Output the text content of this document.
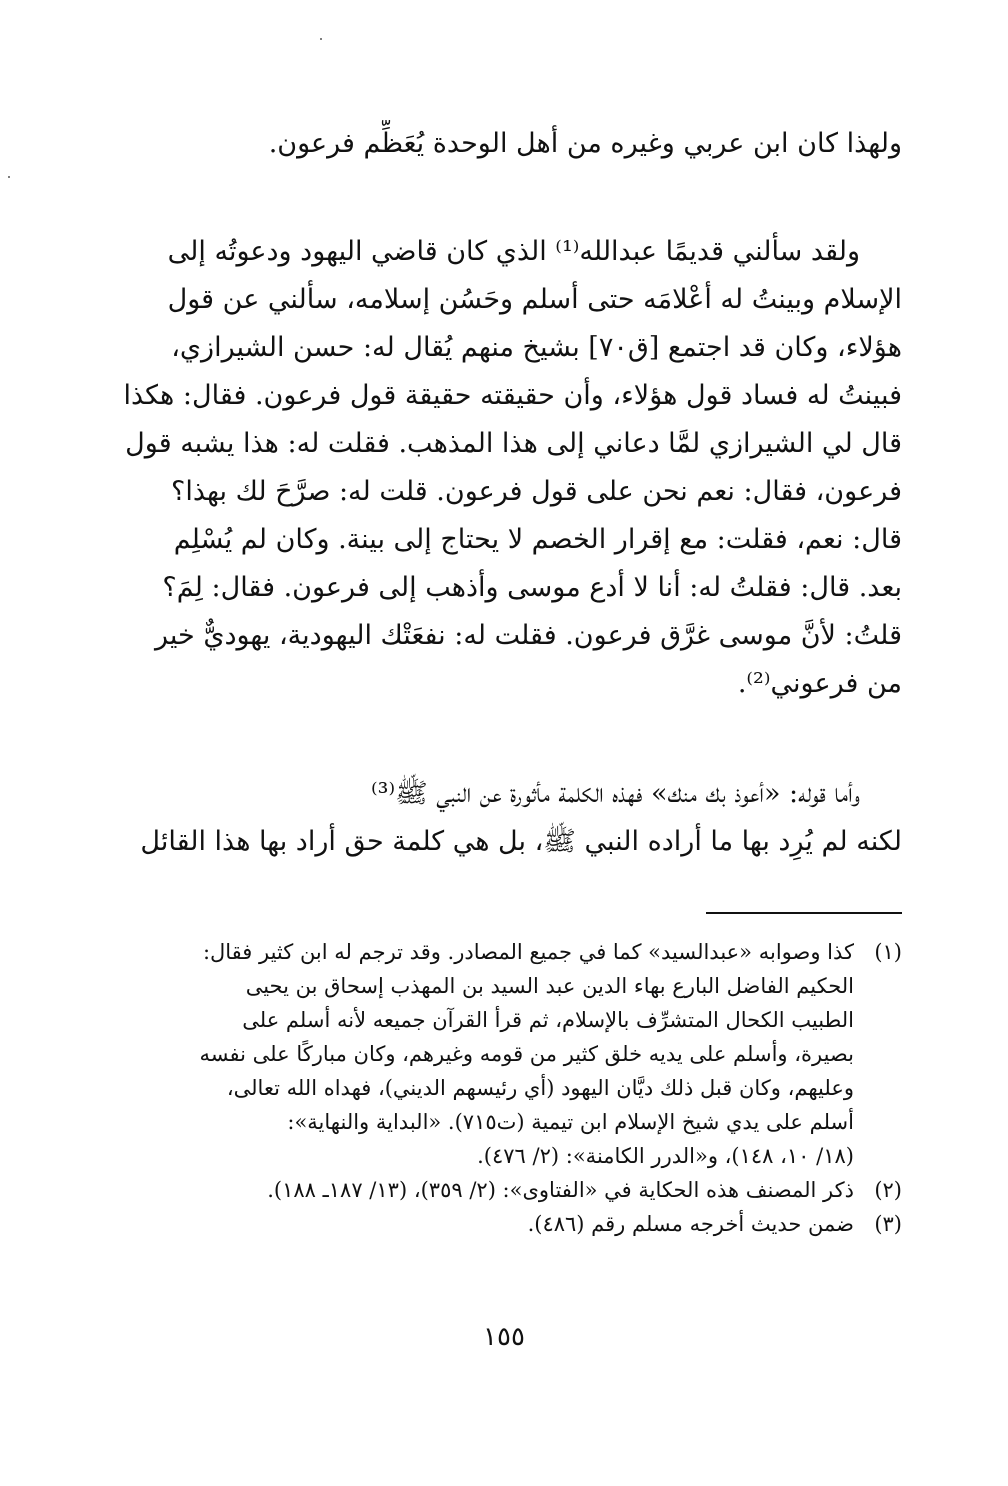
ولهذا كان ابن عربي وغيره من أهل الوحدة يُعَظِّم فرعون.
ولقد سألني قديمًا عبدالله⁽¹⁾ الذي كان قاضي اليهود ودعوتُه إلى
الإسلام وبينتُ له أعْلامَه حتى أسلم وحَسُن إسلامه، سألني عن قول
هؤلاء، وكان قد اجتمع [ق٧٠] بشيخ منهم يُقال له: حسن الشيرازي،
فبينتُ له فساد قول هؤلاء، وأن حقيقته حقيقة قول فرعون. فقال: هكذا
قال لي الشيرازي لمَّا دعاني إلى هذا المذهب. فقلت له: هذا يشبه قول
فرعون، فقال: نعم نحن على قول فرعون. قلت له: صرَّحَ لك بهذا؟
قال: نعم، فقلت: مع إقرار الخصم لا يحتاج إلى بينة. وكان لم يُسْلِم
بعد. قال: فقلتُ له: أنا لا أدع موسى وأذهب إلى فرعون. فقال: لِمَ؟
قلتُ: لأنَّ موسى غرَّق فرعون. فقلت له: نفعَتْك اليهودية، يهوديٌّ خير
من فرعوني⁽²⁾.
وأما قوله: «أعوذ بك منك» فهذه الكلمة مأثورة عن النبي ﷺ⁽³⁾
لكنه لم يُرِد بها ما أراده النبي ﷺ، بل هي كلمة حق أراد بها هذا القائل
(١)
كذا وصوابه «عبدالسيد» كما في جميع المصادر. وقد ترجم له ابن كثير فقال:
الحكيم الفاضل البارع بهاء الدين عبد السيد بن المهذب إسحاق بن يحيى
الطبيب الكحال المتشرِّف بالإسلام، ثم قرأ القرآن جميعه لأنه أسلم على
بصيرة، وأسلم على يديه خلق كثير من قومه وغيرهم، وكان مباركًا على نفسه
وعليهم، وكان قبل ذلك ديَّان اليهود (أي رئيسهم الديني)، فهداه الله تعالى،
أسلم على يدي شيخ الإسلام ابن تيمية (ت٧١٥). «البداية والنهاية»:
(١٨/ ١٠، ١٤٨)، و«الدرر الكامنة»: (٢/ ٤٧٦).
(٢)
ذكر المصنف هذه الحكاية في «الفتاوى»: (٢/ ٣٥٩)، (١٣/ ١٨٧ـ ١٨٨).
(٣)
ضمن حديث أخرجه مسلم رقم (٤٨٦).
١٥٥
